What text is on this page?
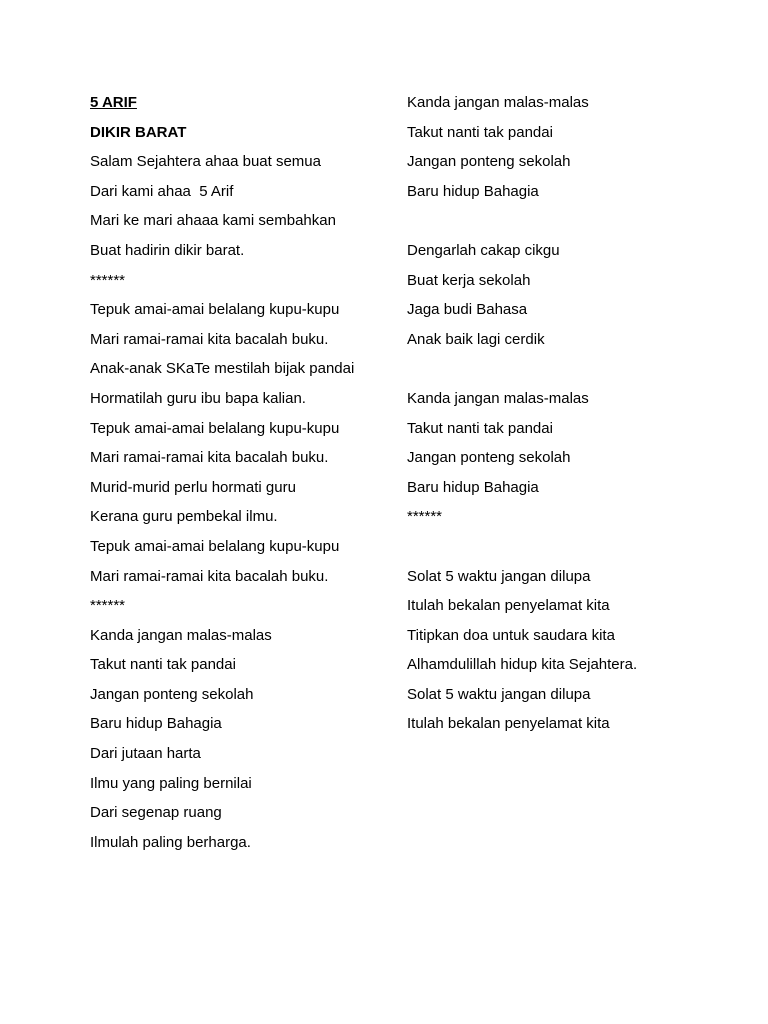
5 ARIF
DIKIR BARAT
Salam Sejahtera ahaa buat semua
Dari kami ahaa  5 Arif
Mari ke mari ahaaa kami sembahkan
Buat hadirin dikir barat.
******
Tepuk amai-amai belalang kupu-kupu
Mari ramai-ramai kita bacalah buku.
Anak-anak SKaTe mestilah bijak pandai
Hormatilah guru ibu bapa kalian.
Tepuk amai-amai belalang kupu-kupu
Mari ramai-ramai kita bacalah buku.
Murid-murid perlu hormati guru
Kerana guru pembekal ilmu.
Tepuk amai-amai belalang kupu-kupu
Mari ramai-ramai kita bacalah buku.
******
Kanda jangan malas-malas
Takut nanti tak pandai
Jangan ponteng sekolah
Baru hidup Bahagia
Dari jutaan harta
Ilmu yang paling bernilai
Dari segenap ruang
Ilmulah paling berharga.
Kanda jangan malas-malas
Takut nanti tak pandai
Jangan ponteng sekolah
Baru hidup Bahagia
Dengarlah cakap cikgu
Buat kerja sekolah
Jaga budi Bahasa
Anak baik lagi cerdik
Kanda jangan malas-malas
Takut nanti tak pandai
Jangan ponteng sekolah
Baru hidup Bahagia
******
Solat 5 waktu jangan dilupa
Itulah bekalan penyelamat kita
Titipkan doa untuk saudara kita
Alhamdulillah hidup kita Sejahtera.
Solat 5 waktu jangan dilupa
Itulah bekalan penyelamat kita
